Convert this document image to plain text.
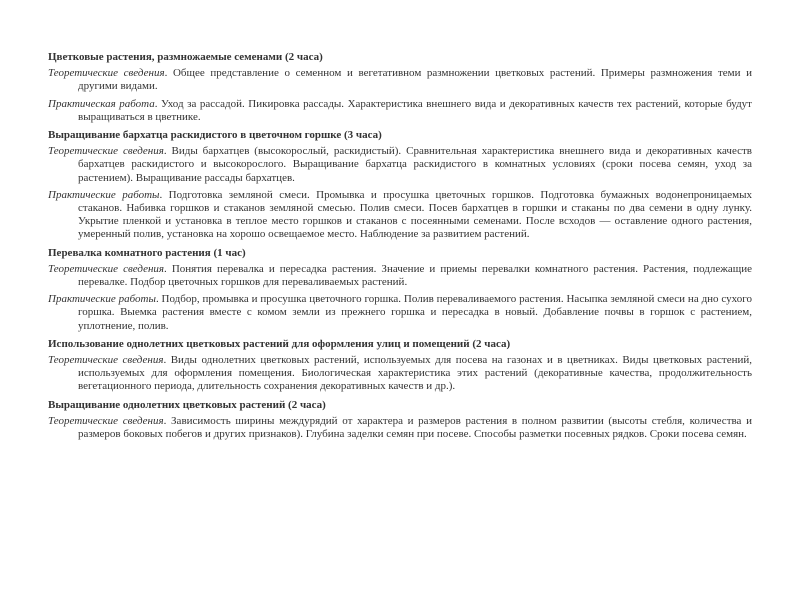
Цветковые растения, размножаемые семенами (2 часа)

Теоретические сведения. Общее представление о семенном и вегетативном размножении цветковых растений. Примеры размножения теми и другими видами.

Практическая работа. Уход за рассадой. Пикировка рассады. Характеристика внешнего вида и декоративных качеств тех растений, которые будут выращиваться в цветнике.

Выращивание бархатца раскидистого в цветочном горшке (3 часа)

Теоретические сведения. Виды бархатцев (высокорослый, раскидистый). Сравнительная характеристика внешнего вида и декоративных качеств бархатцев раскидистого и высокорослого. Выращивание бархатца раскидистого в комнатных условиях (сроки посева семян, уход за растением). Выращивание рассады бархатцев.

Практические работы. Подготовка земляной смеси. Промывка и просушка цветочных горшков. Подготовка бумажных водонепроницаемых стаканов. Набивка горшков и стаканов земляной смесью. Полив смеси. Посев бархатцев в горшки и стаканы по два семени в одну лунку. Укрытие пленкой и установка в теплое место горшков и стаканов с посеянными семенами. После всходов — оставление одного растения, умеренный полив, установка на хорошо освещаемое место. Наблюдение за развитием растений.

Перевалка комнатного растения (1 час)

Теоретические сведения. Понятия перевалка и пересадка растения. Значение и приемы перевалки комнатного растения. Растения, подлежащие перевалке. Подбор цветочных горшков для переваливаемых растений.

Практические работы. Подбор, промывка и просушка цветочного горшка. Полив переваливаемого растения. Насыпка земляной смеси на дно сухого горшка. Выемка растения вместе с комом земли из прежнего горшка и пересадка в новый. Добавление почвы в горшок с растением, уплотнение, полив.

Использование однолетних цветковых растений для оформления улиц и помещений (2 часа)

Теоретические сведения. Виды однолетних цветковых растений, используемых для посева на газонах и в цветниках. Виды цветковых растений, используемых для оформления помещения. Биологическая характеристика этих растений (декоративные качества, продолжительность вегетационного периода, длительность сохранения декоративных качеств и др.).

Выращивание однолетних цветковых растений (2 часа)

Теоретические сведения. Зависимость ширины междурядий от характера и размеров растения в полном развитии (высоты стебля, количества и размеров боковых побегов и других признаков). Глубина заделки семян при посеве. Способы разметки посевных рядков. Сроки посева семян.
